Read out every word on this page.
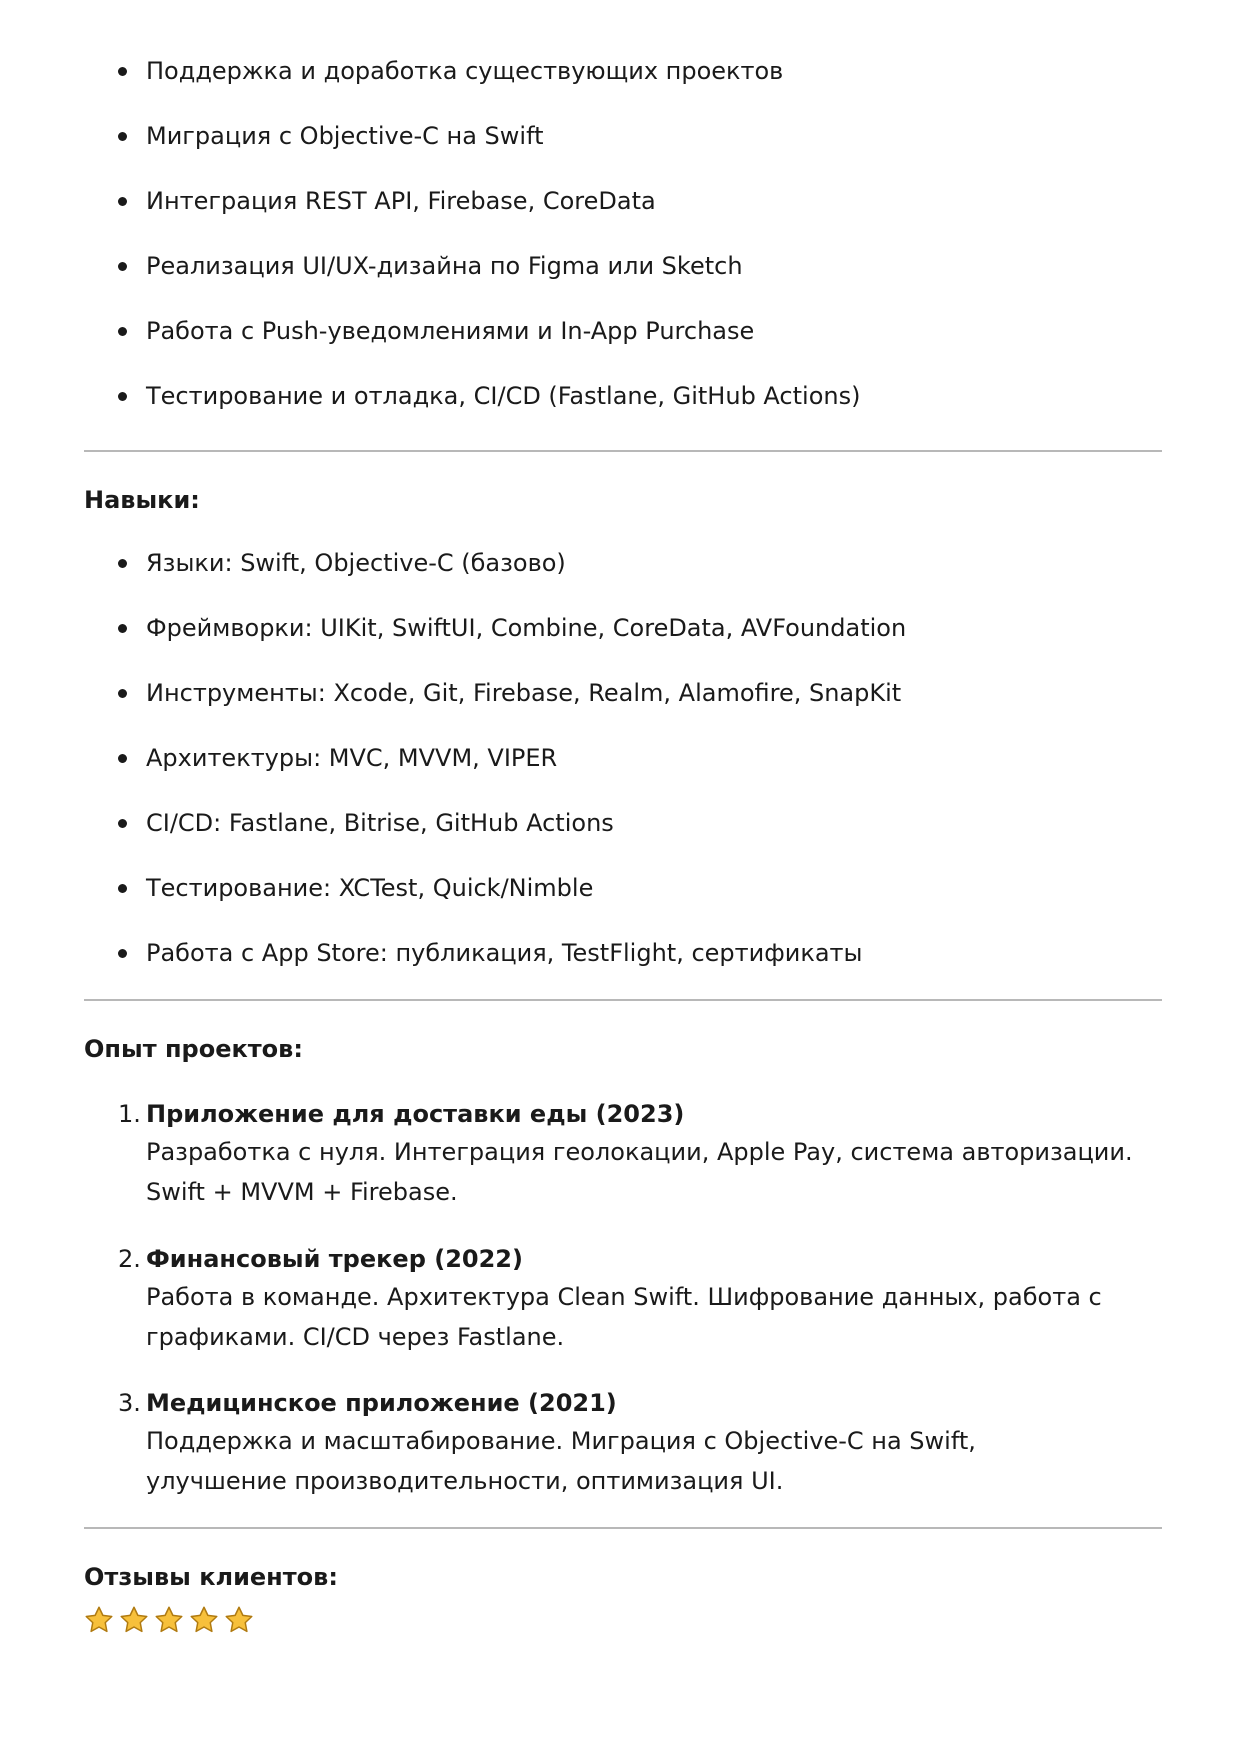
Поддержка и доработка существующих проектов
Миграция с Objective-C на Swift
Интеграция REST API, Firebase, CoreData
Реализация UI/UX-дизайна по Figma или Sketch
Работа с Push-уведомлениями и In-App Purchase
Тестирование и отладка, CI/CD (Fastlane, GitHub Actions)
Навыки:
Языки: Swift, Objective-C (базово)
Фреймворки: UIKit, SwiftUI, Combine, CoreData, AVFoundation
Инструменты: Xcode, Git, Firebase, Realm, Alamofire, SnapKit
Архитектуры: MVC, MVVM, VIPER
CI/CD: Fastlane, Bitrise, GitHub Actions
Тестирование: XCTest, Quick/Nimble
Работа с App Store: публикация, TestFlight, сертификаты
Опыт проектов:
1. Приложение для доставки еды (2023)
Разработка с нуля. Интеграция геолокации, Apple Pay, система авторизации. Swift + MVVM + Firebase.
2. Финансовый трекер (2022)
Работа в команде. Архитектура Clean Swift. Шифрование данных, работа с графиками. CI/CD через Fastlane.
3. Медицинское приложение (2021)
Поддержка и масштабирование. Миграция с Objective-C на Swift, улучшение производительности, оптимизация UI.
Отзывы клиентов:
